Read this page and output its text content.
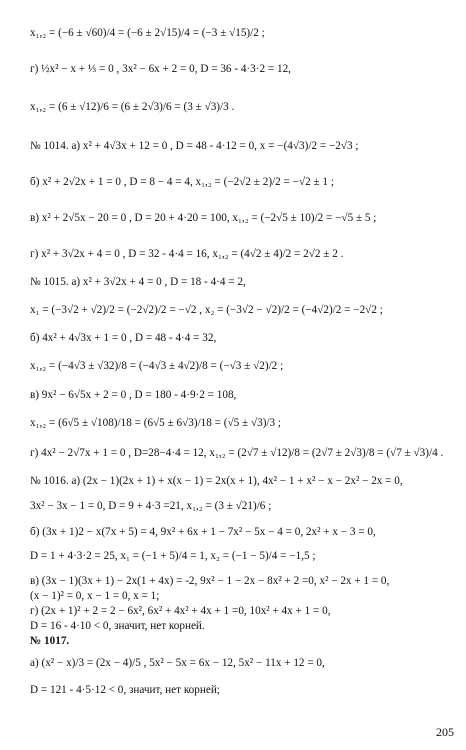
x₁,₂ = (−6 ± √60)/4 = (−6 ± 2√15)/4 = (−3 ± √15)/2 ;
г) ½x² − x + ⅓ = 0 , 3x² − 6x + 2 = 0, D = 36 - 4·3·2 = 12,
x₁,₂ = (6 ± √12)/6 = (6 ± 2√3)/6 = (3 ± √3)/3 .
№ 1014. а) x² + 4√3x + 12 = 0 , D = 48 - 4·12 = 0, x = −(4√3)/2 = −2√3 ;
б) x² + 2√2x + 1 = 0 , D = 8 − 4 = 4, x₁,₂ = (−2√2 ± 2)/2 = −√2 ± 1 ;
в) x² + 2√5x − 20 = 0 , D = 20 + 4·20 = 100, x₁,₂ = (−2√5 ± 10)/2 = −√5 ± 5 ;
г) x² + 3√2x + 4 = 0 , D = 32 - 4·4 = 16, x₁,₂ = (4√2 ± 4)/2 = 2√2 ± 2 .
№ 1015. а) x² + 3√2x + 4 = 0 , D = 18 - 4·4 = 2,
x₁ = (−3√2 + √2)/2 = (−2√2)/2 = −√2 , x₂ = (−3√2 − √2)/2 = (−4√2)/2 = −2√2 ;
б) 4x² + 4√3x + 1 = 0 , D = 48 - 4·4 = 32,
x₁,₂ = (−4√3 ± √32)/8 = (−4√3 ± 4√2)/8 = (−√3 ± √2)/2 ;
в) 9x² − 6√5x + 2 = 0 , D = 180 - 4·9·2 = 108,
x₁,₂ = (6√5 ± √108)/18 = (6√5 ± 6√3)/18 = (√5 ± √3)/3 ;
г) 4x² − 2√7x + 1 = 0 , D=28−4·4 = 12, x₁,₂ = (2√7 ± √12)/8 = (2√7 ± 2√3)/8 = (√7 ± √3)/4 .
№ 1016. а) (2x − 1)(2x + 1) + x(x − 1) = 2x(x + 1), 4x² − 1 + x² − x − 2x² − 2x = 0,
3x² − 3x − 1 = 0, D = 9 + 4·3 =21, x₁,₂ = (3 ± √21)/6 ;
б) (3x + 1)2 − x(7x + 5) = 4, 9x² + 6x + 1 − 7x² − 5x − 4 = 0, 2x² + x − 3 = 0,
D = 1 + 4·3·2 = 25, x₁ = (−1 + 5)/4 = 1, x₂ = (−1 − 5)/4 = −1,5 ;
в) (3x − 1)(3x + 1) − 2x(1 + 4x) = -2, 9x² − 1 − 2x − 8x² + 2 =0, x² − 2x + 1 = 0,
(x − 1)² = 0, x − 1 = 0, x = 1;
г) (2x + 1)² + 2 = 2 − 6x², 6x² + 4x² + 4x + 1 =0, 10x² + 4x + 1 = 0,
D = 16 - 4·10 < 0, значит, нет корней.
№ 1017.
а) (x² − x)/3 = (2x − 4)/5 , 5x² − 5x = 6x − 12, 5x² − 11x + 12 = 0,
D = 121 - 4·5·12 < 0, значит, нет корней;
205
